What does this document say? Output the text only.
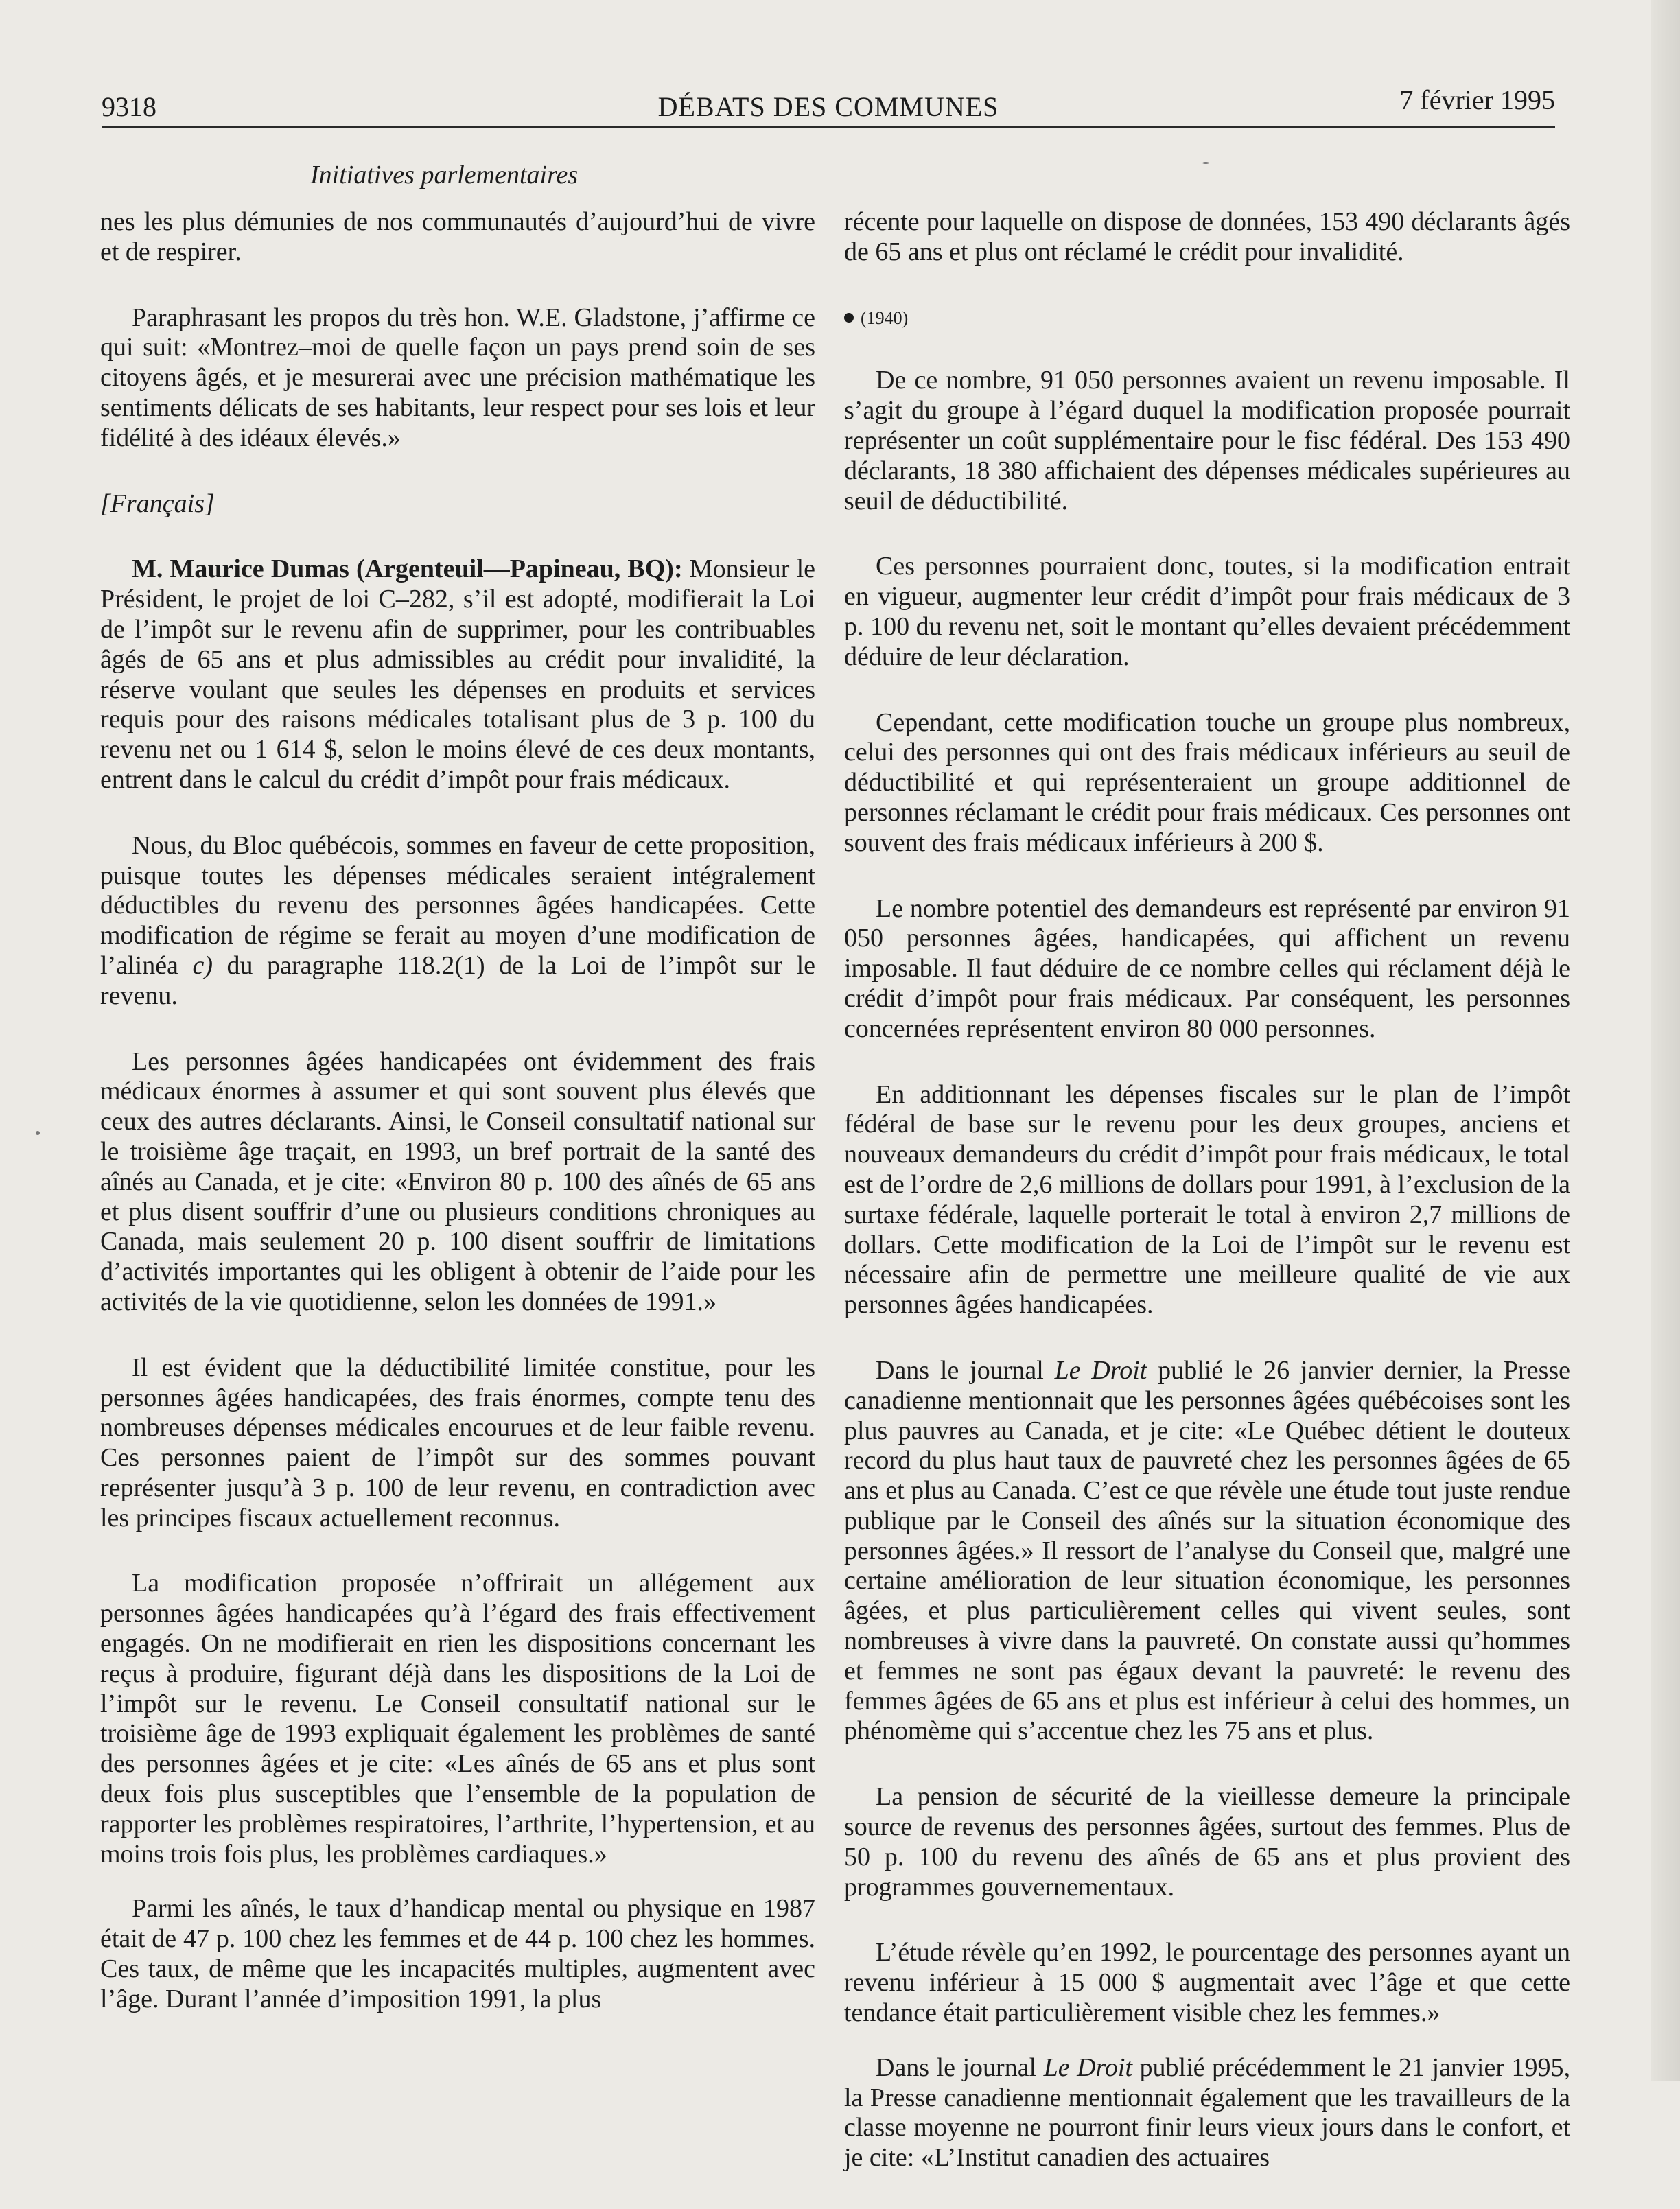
9318	DÉBATS DES COMMUNES	7 février 1995
Initiatives parlementaires

nes les plus démunies de nos communautés d’aujourd’hui de vivre et de respirer.

Paraphrasant les propos du très hon. W.E. Gladstone, j’affirme ce qui suit: «Montrez–moi de quelle façon un pays prend soin de ses citoyens âgés, et je mesurerai avec une précision mathématique les sentiments délicats de ses habitants, leur respect pour ses lois et leur fidélité à des idéaux élevés.»

[Français]

M. Maurice Dumas (Argenteuil—Papineau, BQ): Monsieur le Président, le projet de loi C–282, s’il est adopté, modifierait la Loi de l’impôt sur le revenu afin de supprimer, pour les contribuables âgés de 65 ans et plus admissibles au crédit pour invalidité, la réserve voulant que seules les dépenses en produits et services requis pour des raisons médicales totalisant plus de 3 p. 100 du revenu net ou 1 614 $, selon le moins élevé de ces deux montants, entrent dans le calcul du crédit d’impôt pour frais médicaux.

Nous, du Bloc québécois, sommes en faveur de cette proposition, puisque toutes les dépenses médicales seraient intégralement déductibles du revenu des personnes âgées handicapées. Cette modification de régime se ferait au moyen d’une modification de l’alinéa c) du paragraphe 118.2(1) de la Loi de l’impôt sur le revenu.

Les personnes âgées handicapées ont évidemment des frais médicaux énormes à assumer et qui sont souvent plus élevés que ceux des autres déclarants. Ainsi, le Conseil consultatif national sur le troisième âge traçait, en 1993, un bref portrait de la santé des aînés au Canada, et je cite: «Environ 80 p. 100 des aînés de 65 ans et plus disent souffrir d’une ou plusieurs conditions chroniques au Canada, mais seulement 20 p. 100 disent souffrir de limitations d’activités importantes qui les obligent à obtenir de l’aide pour les activités de la vie quotidienne, selon les données de 1991.»

Il est évident que la déductibilité limitée constitue, pour les personnes âgées handicapées, des frais énormes, compte tenu des nombreuses dépenses médicales encourues et de leur faible revenu. Ces personnes paient de l’impôt sur des sommes pouvant représenter jusqu’à 3 p. 100 de leur revenu, en contradiction avec les principes fiscaux actuellement reconnus.

La modification proposée n’offrirait un allégement aux personnes âgées handicapées qu’à l’égard des frais effectivement engagés. On ne modifierait en rien les dispositions concernant les reçus à produire, figurant déjà dans les dispositions de la Loi de l’impôt sur le revenu. Le Conseil consultatif national sur le troisième âge de 1993 expliquait également les problèmes de santé des personnes âgées et je cite: «Les aînés de 65 ans et plus sont deux fois plus susceptibles que l’ensemble de la population de rapporter les problèmes respiratoires, l’arthrite, l’hypertension, et au moins trois fois plus, les problèmes cardiaques.»

Parmi les aînés, le taux d’handicap mental ou physique en 1987 était de 47 p. 100 chez les femmes et de 44 p. 100 chez les hommes. Ces taux, de même que les incapacités multiples, augmentent avec l’âge. Durant l’année d’imposition 1991, la plus

récente pour laquelle on dispose de données, 153 490 déclarants âgés de 65 ans et plus ont réclamé le crédit pour invalidité.

(1940)

De ce nombre, 91 050 personnes avaient un revenu imposable. Il s’agit du groupe à l’égard duquel la modification proposée pourrait représenter un coût supplémentaire pour le fisc fédéral. Des 153 490 déclarants, 18 380 affichaient des dépenses médicales supérieures au seuil de déductibilité.

Ces personnes pourraient donc, toutes, si la modification entrait en vigueur, augmenter leur crédit d’impôt pour frais médicaux de 3 p. 100 du revenu net, soit le montant qu’elles devaient précédemment déduire de leur déclaration.

Cependant, cette modification touche un groupe plus nombreux, celui des personnes qui ont des frais médicaux inférieurs au seuil de déductibilité et qui représenteraient un groupe additionnel de personnes réclamant le crédit pour frais médicaux. Ces personnes ont souvent des frais médicaux inférieurs à 200 $.

Le nombre potentiel des demandeurs est représenté par environ 91 050 personnes âgées, handicapées, qui affichent un revenu imposable. Il faut déduire de ce nombre celles qui réclament déjà le crédit d’impôt pour frais médicaux. Par conséquent, les personnes concernées représentent environ 80 000 personnes.

En additionnant les dépenses fiscales sur le plan de l’impôt fédéral de base sur le revenu pour les deux groupes, anciens et nouveaux demandeurs du crédit d’impôt pour frais médicaux, le total est de l’ordre de 2,6 millions de dollars pour 1991, à l’exclusion de la surtaxe fédérale, laquelle porterait le total à environ 2,7 millions de dollars. Cette modification de la Loi de l’impôt sur le revenu est nécessaire afin de permettre une meilleure qualité de vie aux personnes âgées handicapées.

Dans le journal Le Droit publié le 26 janvier dernier, la Presse canadienne mentionnait que les personnes âgées québécoises sont les plus pauvres au Canada, et je cite: «Le Québec détient le douteux record du plus haut taux de pauvreté chez les personnes âgées de 65 ans et plus au Canada. C’est ce que révèle une étude tout juste rendue publique par le Conseil des aînés sur la situation économique des personnes âgées.» Il ressort de l’analyse du Conseil que, malgré une certaine amélioration de leur situation économique, les personnes âgées, et plus particulièrement celles qui vivent seules, sont nombreuses à vivre dans la pauvreté. On constate aussi qu’hommes et femmes ne sont pas égaux devant la pauvreté: le revenu des femmes âgées de 65 ans et plus est inférieur à celui des hommes, un phénomème qui s’accentue chez les 75 ans et plus.

La pension de sécurité de la vieillesse demeure la principale source de revenus des personnes âgées, surtout des femmes. Plus de 50 p. 100 du revenu des aînés de 65 ans et plus provient des programmes gouvernementaux.

L’étude révèle qu’en 1992, le pourcentage des personnes ayant un revenu inférieur à 15 000 $ augmentait avec l’âge et que cette tendance était particulièrement visible chez les femmes.»

Dans le journal Le Droit publié précédemment le 21 janvier 1995, la Presse canadienne mentionnait également que les travailleurs de la classe moyenne ne pourront finir leurs vieux jours dans le confort, et je cite: «L’Institut canadien des actuaires
